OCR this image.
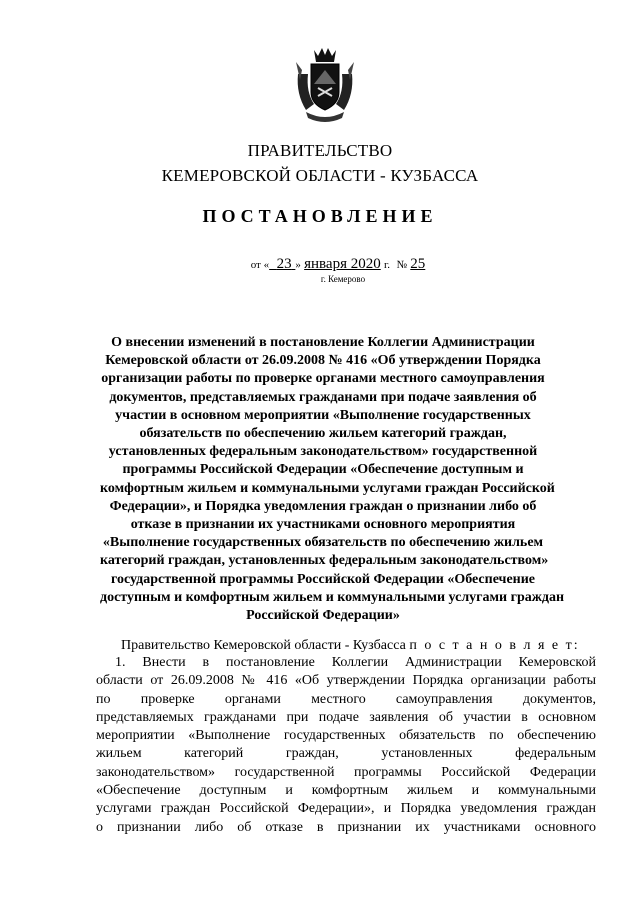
ПРАВИТЕЛЬСТВО
КЕМЕРОВСКОЙ ОБЛАСТИ - КУЗБАССА
ПОСТАНОВЛЕНИЕ
от « 23 » января 2020 г. № 25
г. Кемерово
О внесении изменений в постановление Коллегии Администрации
Кемеровской области от 26.09.2008 № 416 «Об утверждении Порядка
организации работы по проверке органами местного самоуправления
документов, представляемых гражданами при подаче заявления об
участии в основном мероприятии «Выполнение государственных
обязательств по обеспечению жильем категорий граждан,
установленных федеральным законодательством» государственной
программы Российской Федерации «Обеспечение доступным и
комфортным жильем и коммунальными услугами граждан Российской
Федерации», и Порядка уведомления граждан о признании либо об
отказе в признании их участниками основного мероприятия
«Выполнение государственных обязательств по обеспечению жильем
категорий граждан, установленных федеральным законодательством»
государственной программы Российской Федерации «Обеспечение
доступным и комфортным жильем и коммунальными услугами граждан
Российской Федерации»
Правительство Кемеровской области - Кузбасса п о с т а н о в л я е т:
1. Внести в постановление Коллегии Администрации Кемеровской
области от 26.09.2008 № 416 «Об утверждении Порядка организации работы
по проверке органами местного самоуправления документов,
представляемых гражданами при подаче заявления об участии в основном
мероприятии «Выполнение государственных обязательств по обеспечению
жильем категорий граждан, установленных федеральным
законодательством» государственной программы Российской Федерации
«Обеспечение доступным и комфортным жильем и коммунальными
услугами граждан Российской Федерации», и Порядка уведомления граждан
о признании либо об отказе в признании их участниками основного
